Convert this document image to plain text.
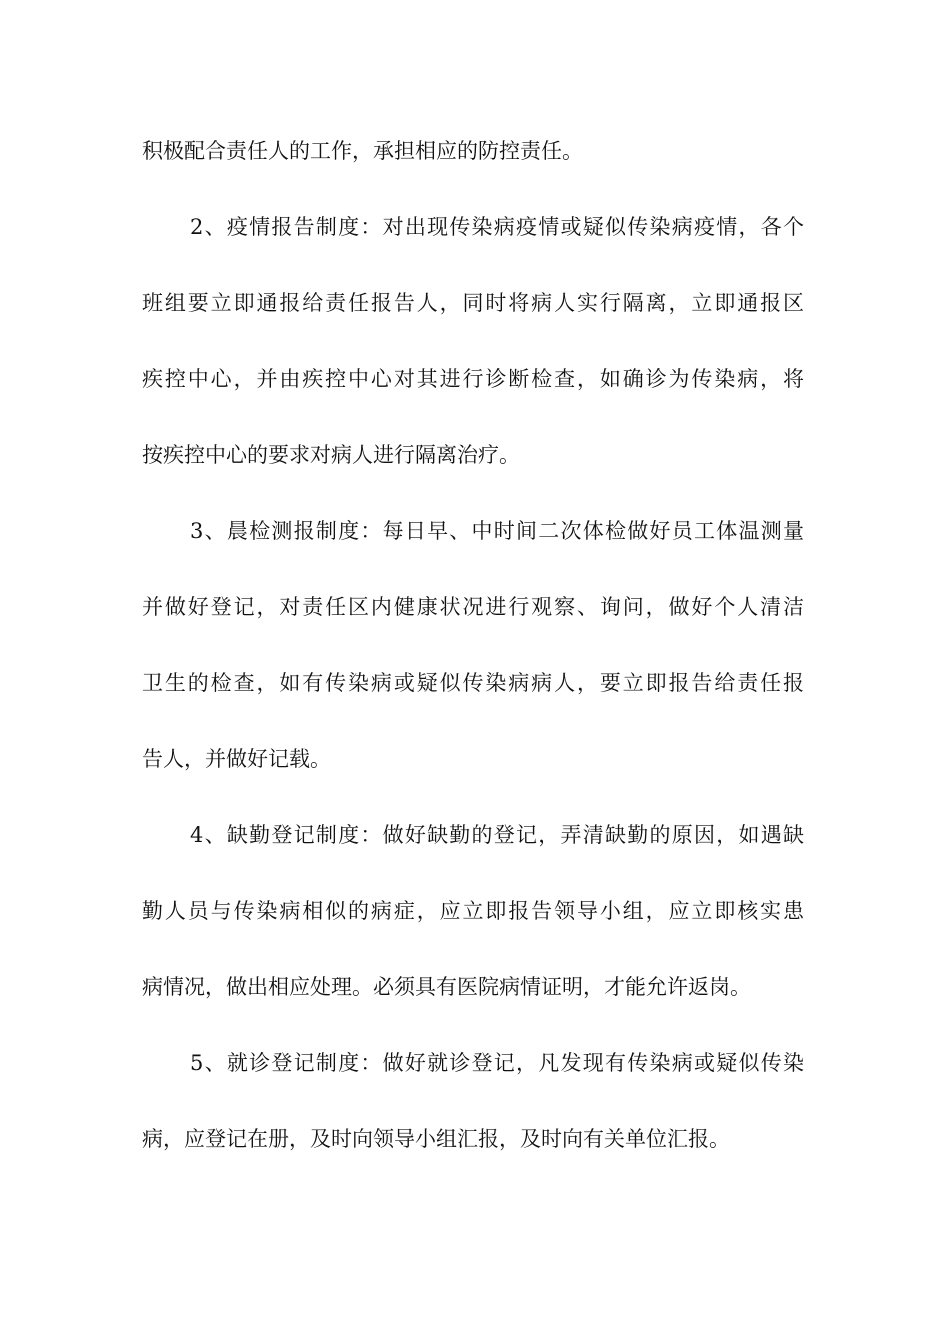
积极配合责任人的工作，承担相应的防控责任。
2、疫情报告制度：对出现传染病疫情或疑似传染病疫情，各个
班组要立即通报给责任报告人，同时将病人实行隔离，立即通报区
疾控中心，并由疾控中心对其进行诊断检查，如确诊为传染病，将
按疾控中心的要求对病人进行隔离治疗。
3、晨检测报制度：每日早、中时间二次体检做好员工体温测量
并做好登记，对责任区内健康状况进行观察、询问，做好个人清洁
卫生的检查，如有传染病或疑似传染病病人，要立即报告给责任报
告人，并做好记载。
4、缺勤登记制度：做好缺勤的登记，弄清缺勤的原因，如遇缺
勤人员与传染病相似的病症，应立即报告领导小组，应立即核实患
病情况，做出相应处理。必须具有医院病情证明，才能允许返岗。
5、就诊登记制度：做好就诊登记，凡发现有传染病或疑似传染
病，应登记在册，及时向领导小组汇报，及时向有关单位汇报。
